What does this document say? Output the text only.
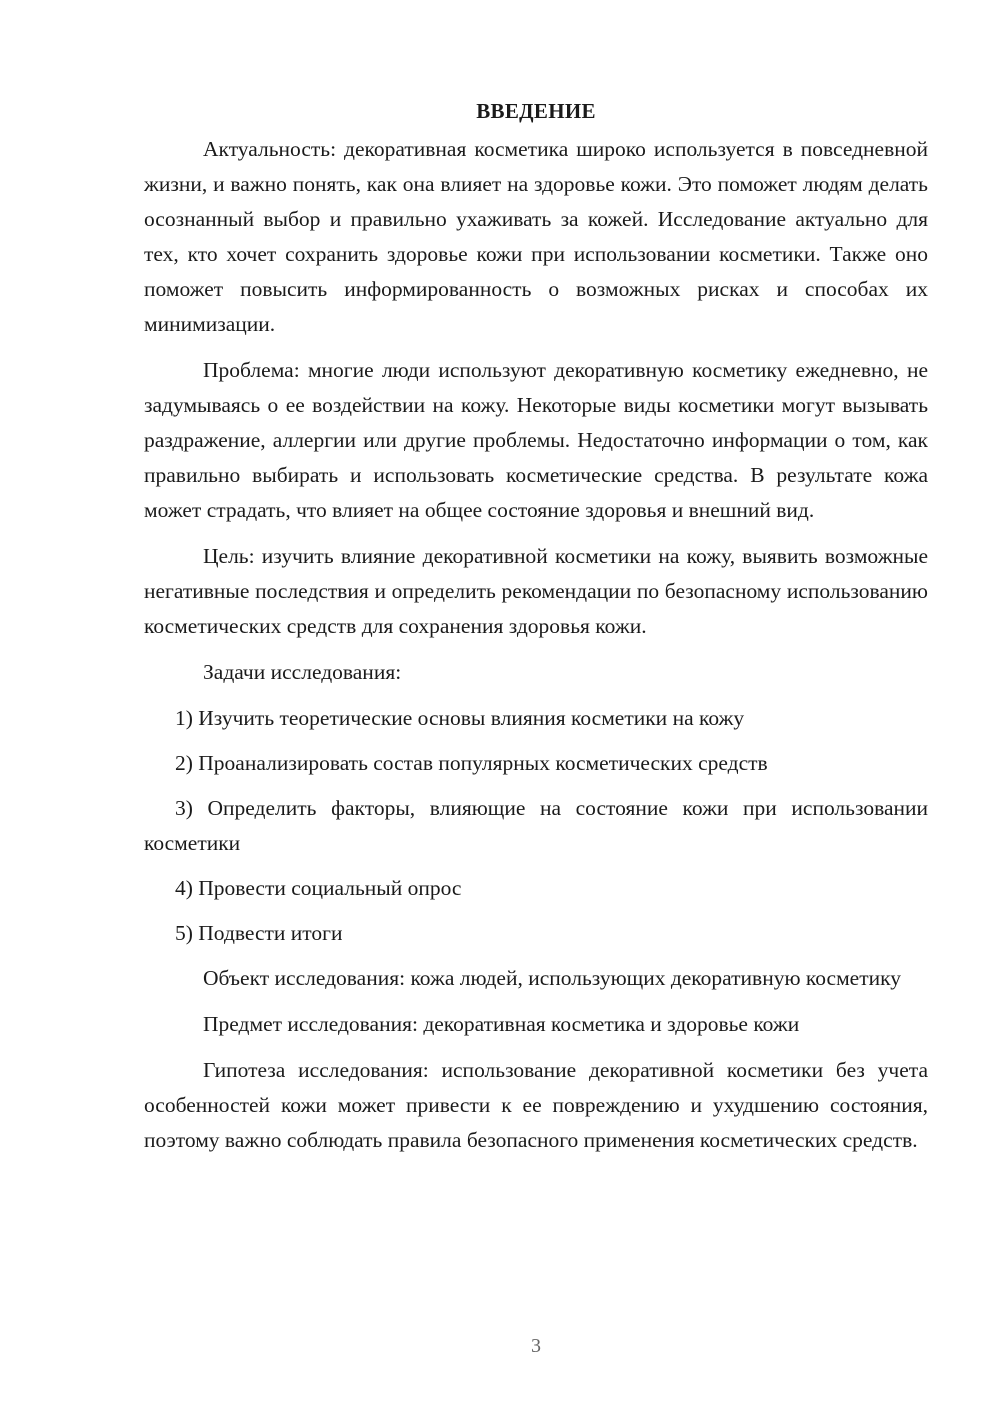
ВВЕДЕНИЕ

Актуальность: декоративная косметика широко используется в повседневной жизни, и важно понять, как она влияет на здоровье кожи. Это поможет людям делать осознанный выбор и правильно ухаживать за кожей. Исследование актуально для тех, кто хочет сохранить здоровье кожи при использовании косметики. Также оно поможет повысить информированность о возможных рисках и способах их минимизации.

Проблема: многие люди используют декоративную косметику ежедневно, не задумываясь о ее воздействии на кожу. Некоторые виды косметики могут вызывать раздражение, аллергии или другие проблемы. Недостаточно информации о том, как правильно выбирать и использовать косметические средства. В результате кожа может страдать, что влияет на общее состояние здоровья и внешний вид.

Цель: изучить влияние декоративной косметики на кожу, выявить возможные негативные последствия и определить рекомендации по безопасному использованию косметических средств для сохранения здоровья кожи.

Задачи исследования:

1) Изучить теоретические основы влияния косметики на кожу

2) Проанализировать состав популярных косметических средств

3) Определить факторы, влияющие на состояние кожи при использовании косметики

4) Провести социальный опрос

5) Подвести итоги

Объект исследования: кожа людей, использующих декоративную косметику

Предмет исследования: декоративная косметика и здоровье кожи

Гипотеза исследования: использование декоративной косметики без учета особенностей кожи может привести к ее повреждению и ухудшению состояния, поэтому важно соблюдать правила безопасного применения косметических средств.

3
